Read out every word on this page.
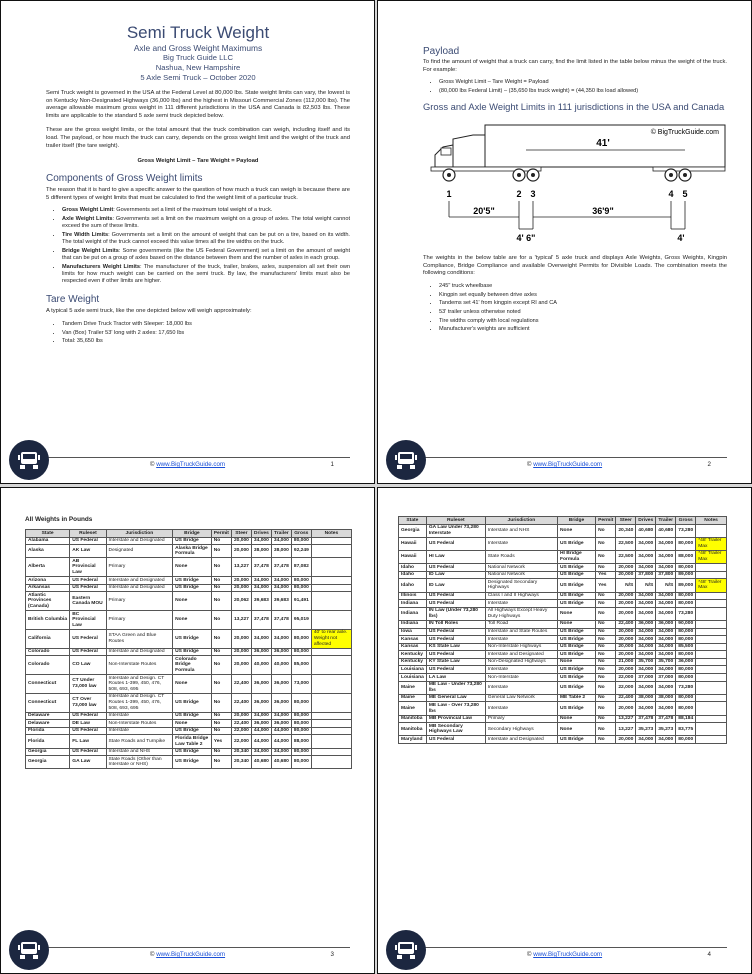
Semi Truck Weight
Axle and Gross Weight Maximums
Big Truck Guide LLC
Nashua, New Hampshire
5 Axle Semi Truck – October 2020

Semi Truck weight is governed in the USA at the Federal Level at 80,000 lbs. State weight limits can vary, the lowest is on Kentucky Non-Designated Highways (36,000 lbs) and the highest in Missouri Commercial Zones (112,000 lbs). The average allowable maximum gross weight in 111 different jurisdictions in the USA and Canada is 82,503 lbs. These limits are applicable to the standard 5 axle semi truck depicted below.

These are the gross weight limits, or the total amount that the truck combination can weigh, including itself and its load. The payload, or how much the truck can carry, depends on the gross weight limit and the weight of the truck and trailer itself (the tare weight).

Gross Weight Limit – Tare Weight = Payload
Components of Gross Weight limits

The reason that it is hard to give a specific answer to the question of how much a truck can weigh is because there are 5 different types of weight limits that must be calculated to find the weight limit of a particular truck.

• Gross Weight Limit: Governments set a limit of the maximum total weight of a truck.
• Axle Weight Limits: Governments set a limit on the maximum weight on a group of axles. The total weight cannot exceed the sum of these limits.
• Tire Width Limits: Governments set a limit on the amount of weight that can be put on a tire, based on its width. The total weight of the truck cannot exceed this value times all the tire widths on the truck.
• Bridge Weight Limits: Some governments (like the US Federal Government) set a limit on the amount of weight that can be put on a group of axles based on the distance between them and the number of axles in each group.
• Manufacturers Weight Limits: The manufacturer of the truck, trailer, brakes, axles, suspension all set their own limits for how much weight can be carried on the semi truck. By law, the manufacturers' limits must also be respected even if other limits are higher.
Tare Weight

A typical 5 axle semi truck, like the one depicted below will weigh approximately:

• Tandem Drive Truck Tractor with Sleeper: 18,000 lbs
• Van (Box) Trailer 53' long with 2 axles: 17,650 lbs
• Total: 35,650 lbs
© www.BigTruckGuide.com	1
Payload

To find the amount of weight that a truck can carry, find the limit listed in the table below minus the weight of the truck. For example:

• Gross Weight Limit – Tare Weight = Payload
• (80,000 lbs Federal Limit) – (35,650 lbs truck weight) = (44,350 lbs load allowed)
Gross and Axle Weight Limits in 111 jurisdictions in the USA and Canada
© BigTruckGuide.com
41'
1	2 3	4 5
20'5"	36'9"
4' 6"	4'

The weights in the below table are for a 'typical' 5 axle truck and displays Axle Weights, Gross Weights, Kingpin Compliance, Bridge Compliance and available Overweight Permits for Divisible Loads. The combination meets the following conditions:

• 245" truck wheelbase
• Kingpin set equally between drive axles
• Tandems set 41' from kingpin except RI and CA
• 53' trailer unless otherwise noted
• Tire widths comply with local regulations
• Manufacturer's weights are sufficient
© www.BigTruckGuide.com	2
All Weights in Pounds
State	Ruleset	Jurisdiction	Bridge	Permit	Steer	Drives	Trailer	Gross	Notes
Alabama	US Federal	Interstate and Designated	US Bridge	No	20,000	34,000	34,000	80,000	
Alaska	AK Law	Designated	Alaska Bridge Formula	No	20,000	38,000	38,000	92,249	
Alberta	AB Provincial Law	Primary	None	No	13,227	37,478	37,478	87,082	
Arizona	US Federal	Interstate and Designated	US Bridge	No	20,000	34,000	34,000	80,000	
Arkansas	US Federal	Interstate and Designated	US Bridge	No	20,000	34,000	34,000	80,000	
Atlantic Provinces (Canada)	Eastern Canada MOU	Primary	None	No	20,062	39,683	39,683	91,491	
British Columbia	BC Provincial Law	Primary	None	No	13,227	37,478	37,478	95,019	
California	US Federal	STAA Green and Blue Routes	US Bridge	No	20,000	34,000	34,000	80,000	40' to rear axle. Weight not affected
Colorado	US Federal	Interstate and Designated	US Bridge	No	20,000	36,000	36,000	80,000	
Colorado	CO Law	Non-Interstate Routes	Colorado Bridge Formula	No	20,000	40,000	40,000	85,000	
Connecticut	CT Under 73,000 law	Interstate and Design. CT Routes 1-399, 450, 476, 508, 693, 695	None	No	22,400	36,000	36,000	73,000	
Connecticut	CT Over 73,000 law	Interstate and Design. CT Routes 1-399, 450, 476, 508, 693, 695	US Bridge	No	22,400	36,000	36,000	80,000	
Delaware	US Federal	Interstate	US Bridge	No	20,000	34,000	34,000	80,000	
Delaware	DE Law	Non-Interstate Routes	None	No	22,400	36,000	36,000	80,000	
Florida	US Federal	Interstate	US Bridge	No	22,000	44,000	44,000	80,000	
Florida	FL Law	State Roads and Turnpike	Florida Bridge Law Table 2	Yes	22,000	44,000	44,000	88,000	
Georgia	US Federal	Interstate and NHS	US Bridge	No	20,340	34,000	34,000	80,000	
Georgia	GA Law	State Roads (Other than Interstate or NHS)	US Bridge	No	20,340	40,680	40,680	80,000	
© www.BigTruckGuide.com	3
State	Ruleset	Jurisdiction	Bridge	Permit	Steer	Drives	Trailer	Gross	Notes
Georgia	GA Law Under 73,280 Interstate	Interstate and NHS	None	No	20,340	40,680	40,680	73,280	
Hawaii	US Federal	Interstate	US Bridge	No	22,500	34,000	34,000	80,000	*48' Trailer Max
Hawaii	HI Law	State Roads	HI Bridge Formula	No	22,500	34,000	34,000	88,000	*48' Trailer Max
Idaho	US Federal	National Network	US Bridge	No	20,000	34,000	34,000	80,000	
Idaho	ID Law	National Network	US Bridge	Yes	20,000	37,800	37,800	89,000	
Idaho	ID Law	Designated Secondary Highways	US Bridge	Yes	N/S	N/S	N/S	89,000	*48' Trailer Max
Illinois	US Federal	Class I and II Highways	US Bridge	No	20,000	34,000	34,000	80,000	
Indiana	US Federal	Interstate	US Bridge	No	20,000	34,000	34,000	80,000	
Indiana	IN Law (Under 73,280 lbs)	All Highways Except Heavy Duty Highways	None	No	20,000	34,000	34,000	73,280	
Indiana	IN Toll Roles	Toll Road	None	No	22,400	36,000	36,000	90,000	
Iowa	US Federal	Interstate and State Routes	US Bridge	No	20,000	34,000	34,000	80,000	
Kansas	US Federal	Interstate	US Bridge	No	20,000	34,000	34,000	80,000	
Kansas	KS State Law	Non-Interstate Highways	US Bridge	No	20,000	34,000	34,000	85,500	
Kentucky	US Federal	Interstate and Designated	US Bridge	No	20,000	34,000	34,000	80,000	
Kentucky	KY State Law	Non-Designated Highways	None	No	21,000	35,700	35,700	36,000	
Louisiana	US Federal	Interstate	US Bridge	No	20,000	34,000	34,000	80,000	
Louisiana	LA Law	Non-Interstate	US Bridge	No	22,000	37,000	37,000	80,000	
Maine	ME Law - Under 73,280 lbs	Interstate	US Bridge	No	22,000	34,000	34,000	73,280	
Maine	ME General Law	General Law Network	ME Table 2	No	22,400	38,000	38,000	80,000	
Maine	ME Law - Over 73,280 lbs	Interstate	US Bridge	No	20,000	34,000	34,000	80,000	
Manitoba	MB Provincial Law	Primary	None	No	13,227	37,478	37,478	88,184	
Manitoba	MB Secondary Highways Law	Secondary Highways	None	No	13,227	35,273	35,273	83,775	
Maryland	US Federal	Interstate and Designated	US Bridge	No	20,000	34,000	34,000	80,000	
© www.BigTruckGuide.com	4
